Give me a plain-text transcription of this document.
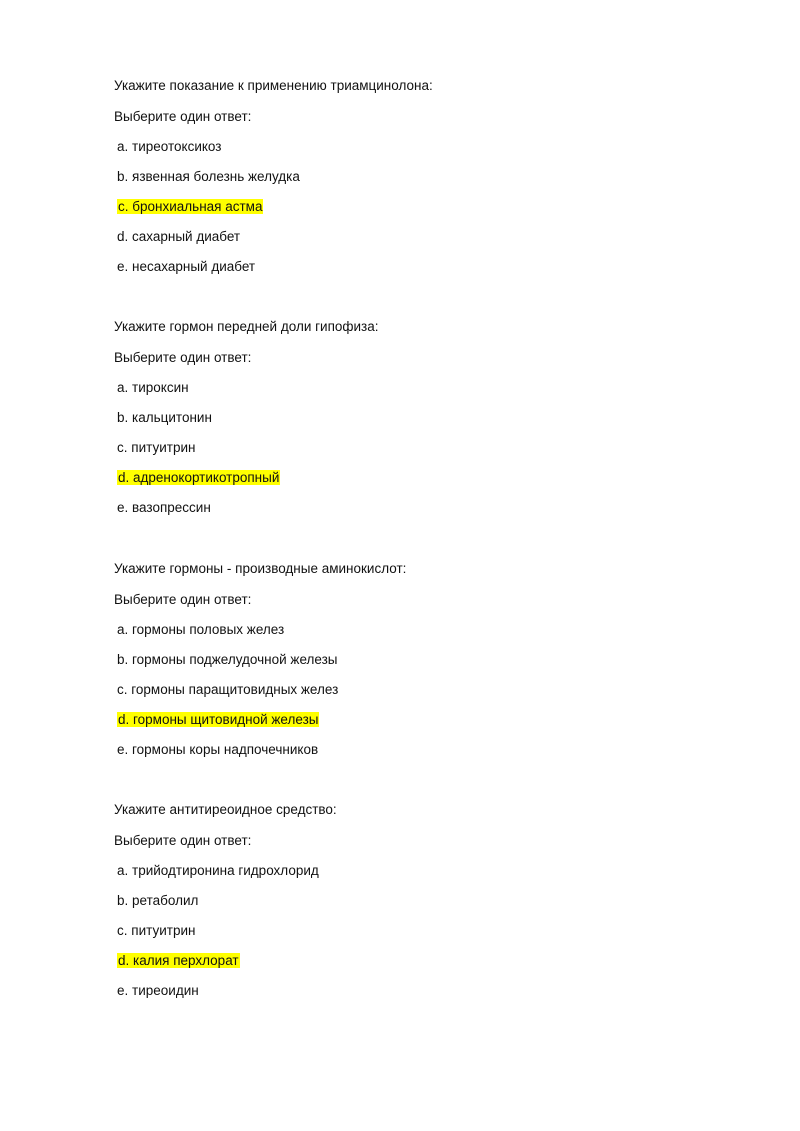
Укажите показание к применению триамцинолона:
Выберите один ответ:
a. тиреотоксикоз
b. язвенная болезнь желудка
c. бронхиальная астма
d. сахарный диабет
e. несахарный диабет
Укажите гормон передней доли гипофиза:
Выберите один ответ:
a. тироксин
b. кальцитонин
c. питуитрин
d. адренокортикотропный
e. вазопрессин
Укажите гормоны - производные аминокислот:
Выберите один ответ:
a. гормоны половых желез
b. гормоны поджелудочной железы
c. гормоны паращитовидных желез
d. гормоны щитовидной железы
e. гормоны коры надпочечников
Укажите антитиреоидное средство:
Выберите один ответ:
a. трийодтиронина гидрохлорид
b. ретаболил
c. питуитрин
d. калия перхлорат
e. тиреоидин
